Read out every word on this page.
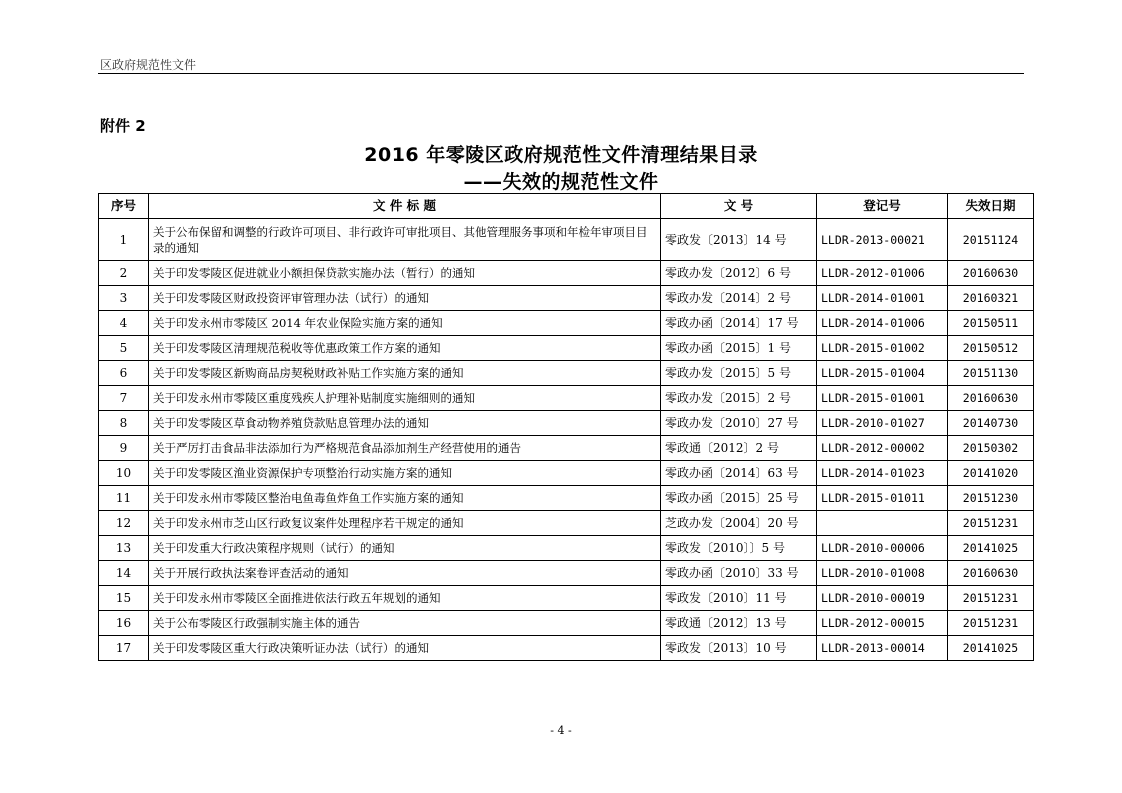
区政府规范性文件
附件 2
2016 年零陵区政府规范性文件清理结果目录
——失效的规范性文件
序号	文 件 标 题	文 号	登记号	失效日期
1	关于公布保留和调整的行政许可项目、非行政许可审批项目、其他管理服务事项和年检年审项目目录的通知	零政发〔2013〕14 号	LLDR-2013-00021	20151124
2	关于印发零陵区促进就业小额担保贷款实施办法（暂行）的通知	零政办发〔2012〕6 号	LLDR-2012-01006	20160630
3	关于印发零陵区财政投资评审管理办法（试行）的通知	零政办发〔2014〕2 号	LLDR-2014-01001	20160321
4	关于印发永州市零陵区 2014 年农业保险实施方案的通知	零政办函〔2014〕17 号	LLDR-2014-01006	20150511
5	关于印发零陵区清理规范税收等优惠政策工作方案的通知	零政办函〔2015〕1 号	LLDR-2015-01002	20150512
6	关于印发零陵区新购商品房契税财政补贴工作实施方案的通知	零政办发〔2015〕5 号	LLDR-2015-01004	20151130
7	关于印发永州市零陵区重度残疾人护理补贴制度实施细则的通知	零政办发〔2015〕2 号	LLDR-2015-01001	20160630
8	关于印发零陵区草食动物养殖贷款贴息管理办法的通知	零政办发〔2010〕27 号	LLDR-2010-01027	20140730
9	关于严厉打击食品非法添加行为严格规范食品添加剂生产经营使用的通告	零政通〔2012〕2 号	LLDR-2012-00002	20150302
10	关于印发零陵区渔业资源保护专项整治行动实施方案的通知	零政办函〔2014〕63 号	LLDR-2014-01023	20141020
11	关于印发永州市零陵区整治电鱼毒鱼炸鱼工作实施方案的通知	零政办函〔2015〕25 号	LLDR-2015-01011	20151230
12	关于印发永州市芝山区行政复议案件处理程序若干规定的通知	芝政办发〔2004〕20 号		20151231
13	关于印发重大行政决策程序规则（试行）的通知	零政发〔2010〕〕5 号	LLDR-2010-00006	20141025
14	关于开展行政执法案卷评查活动的通知	零政办函〔2010〕33 号	LLDR-2010-01008	20160630
15	关于印发永州市零陵区全面推进依法行政五年规划的通知	零政发〔2010〕11 号	LLDR-2010-00019	20151231
16	关于公布零陵区行政强制实施主体的通告	零政通〔2012〕13 号	LLDR-2012-00015	20151231
17	关于印发零陵区重大行政决策听证办法（试行）的通知	零政发〔2013〕10 号	LLDR-2013-00014	20141025
- 4 -
